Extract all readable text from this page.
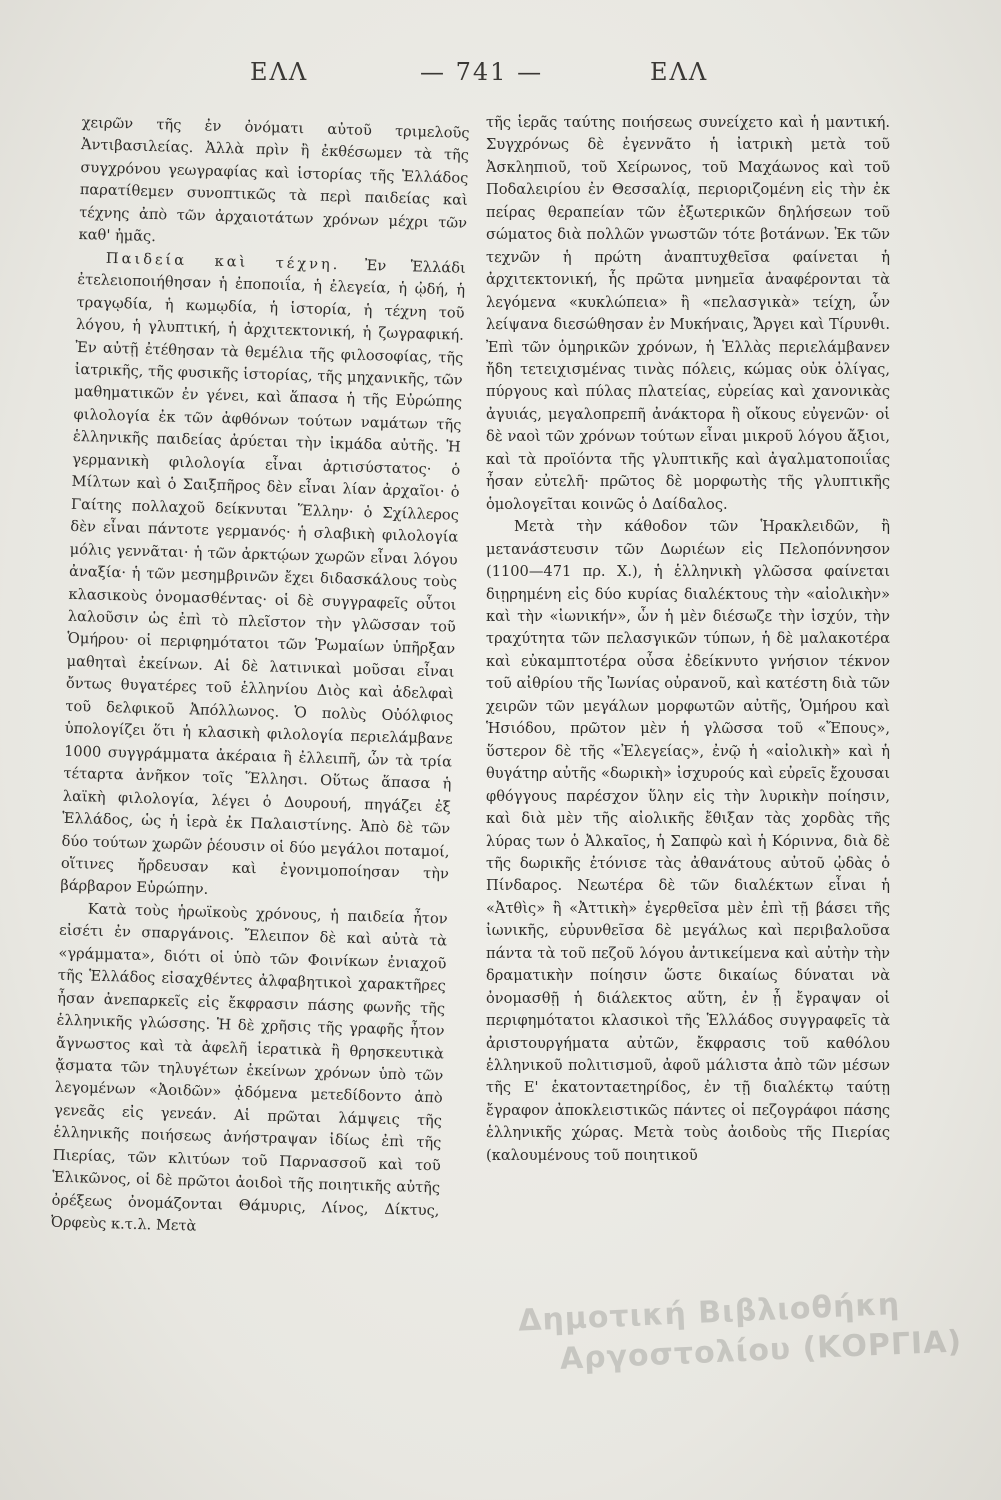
ΕΛΛ	— 741 —	ΕΛΛ

χειρῶν τῆς ἐν ὀνόματι αὐτοῦ τριμελοῦς Ἀντιβασιλείας. Ἀλλὰ πρὶν ἢ ἐκθέσωμεν τὰ τῆς συγχρόνου γεωγραφίας καὶ ἱστορίας τῆς Ἑλλάδος παρατίθεμεν συνοπτικῶς τὰ περὶ παιδείας καὶ τέχνης ἀπὸ τῶν ἀρχαιοτάτων χρόνων μέχρι τῶν καθ' ἡμᾶς.

Παιδεία καὶ τέχνη. Ἐν Ἑλλάδι ἐτελειοποιήθησαν ἡ ἐποποιΐα, ἡ ἐλεγεία, ἡ ᾠδή, ἡ τραγῳδία, ἡ κωμῳδία, ἡ ἱστορία, ἡ τέχνη τοῦ λόγου, ἡ γλυπτική, ἡ ἀρχιτεκτονική, ἡ ζωγραφική. Ἐν αὐτῇ ἐτέθησαν τὰ θεμέλια τῆς φιλοσοφίας, τῆς ἰατρικῆς, τῆς φυσικῆς ἱστορίας, τῆς μηχανικῆς, τῶν μαθηματικῶν ἐν γένει, καὶ ἅπασα ἡ τῆς Εὐρώπης φιλολογία ἐκ τῶν ἀφθόνων τούτων ναμάτων τῆς ἑλληνικῆς παιδείας ἀρύεται τὴν ἰκμάδα αὐτῆς. Ἡ γερμανικὴ φιλολογία εἶναι ἀρτισύστατος· ὁ Μίλτων καὶ ὁ Σαιξπῆρος δὲν εἶναι λίαν ἀρχαῖοι· ὁ Γαίτης πολλαχοῦ δείκνυται Ἕλλην· ὁ Σχίλλερος δὲν εἶναι πάντοτε γερμανός· ἡ σλαβικὴ φιλολογία μόλις γεννᾶται· ἡ τῶν ἀρκτῴων χωρῶν εἶναι λόγου ἀναξία· ἡ τῶν μεσημβρινῶν ἔχει διδασκάλους τοὺς κλασικοὺς ὀνομασθέντας· οἱ δὲ συγγραφεῖς οὗτοι λαλοῦσιν ὡς ἐπὶ τὸ πλεῖστον τὴν γλῶσσαν τοῦ Ὁμήρου· οἱ περιφημότατοι τῶν Ῥωμαίων ὑπῆρξαν μαθηταὶ ἐκείνων. Αἱ δὲ λατινικαὶ μοῦσαι εἶναι ὄντως θυγατέρες τοῦ ἑλληνίου Διὸς καὶ ἀδελφαὶ τοῦ δελφικοῦ Ἀπόλλωνος. Ὁ πολὺς Οὐόλφιος ὑπολογίζει ὅτι ἡ κλασικὴ φιλολογία περιελάμβανε 1000 συγγράμματα ἀκέραια ἢ ἐλλειπῆ, ὧν τὰ τρία τέταρτα ἀνῆκον τοῖς Ἕλλησι. Οὕτως ἅπασα ἡ λαϊκὴ φιλολογία, λέγει ὁ Δουρουή, πηγάζει ἐξ Ἑλλάδος, ὡς ἡ ἱερὰ ἐκ Παλαιστίνης. Ἀπὸ δὲ τῶν δύο τούτων χωρῶν ῥέουσιν οἱ δύο μεγάλοι ποταμοί, οἵτινες ἤρδευσαν καὶ ἐγονιμοποίησαν τὴν βάρβαρον Εὐρώπην.

Κατὰ τοὺς ἡρωϊκοὺς χρόνους, ἡ παιδεία ἦτον εἰσέτι ἐν σπαργάνοις. Ἔλειπον δὲ καὶ αὐτὰ τὰ «γράμματα», διότι οἱ ὑπὸ τῶν Φοινίκων ἐνιαχοῦ τῆς Ἑλλάδος εἰσαχθέντες ἀλφαβητικοὶ χαρακτῆρες ἦσαν ἀνεπαρκεῖς εἰς ἔκφρασιν πάσης φωνῆς τῆς ἑλληνικῆς γλώσσης. Ἡ δὲ χρῆσις τῆς γραφῆς ἦτον ἄγνωστος καὶ τὰ ἀφελῆ ἱερατικὰ ἢ θρησκευτικὰ ᾄσματα τῶν τηλυγέτων ἐκείνων χρόνων ὑπὸ τῶν λεγομένων «Ἀοιδῶν» ᾀδόμενα μετεδίδοντο ἀπὸ γενεᾶς εἰς γενεάν. Αἱ πρῶται λάμψεις τῆς ἑλληνικῆς ποιήσεως ἀνήστραψαν ἰδίως ἐπὶ τῆς Πιερίας, τῶν κλιτύων τοῦ Παρνασσοῦ καὶ τοῦ Ἑλικῶνος, οἱ δὲ πρῶτοι ἀοιδοὶ τῆς ποιητικῆς αὐτῆς ὀρέξεως ὀνομάζονται Θάμυρις, Λίνος, Δίκτυς, Ὀρφεὺς κ.τ.λ. Μετὰ

τῆς ἱερᾶς ταύτης ποιήσεως συνείχετο καὶ ἡ μαντική. Συγχρόνως δὲ ἐγεννᾶτο ἡ ἰατρικὴ μετὰ τοῦ Ἀσκληπιοῦ, τοῦ Χείρωνος, τοῦ Μαχάωνος καὶ τοῦ Ποδαλειρίου ἐν Θεσσαλίᾳ, περιοριζομένη εἰς τὴν ἐκ πείρας θεραπείαν τῶν ἐξωτερικῶν δηλήσεων τοῦ σώματος διὰ πολλῶν γνωστῶν τότε βοτάνων. Ἐκ τῶν τεχνῶν ἡ πρώτη ἀναπτυχθεῖσα φαίνεται ἡ ἀρχιτεκτονική, ἧς πρῶτα μνημεῖα ἀναφέρονται τὰ λεγόμενα «κυκλώπεια» ἢ «πελασγικὰ» τείχη, ὧν λείψανα διεσώθησαν ἐν Μυκήναις, Ἄργει καὶ Τίρυνθι. Ἐπὶ τῶν ὁμηρικῶν χρόνων, ἡ Ἑλλὰς περιελάμβανεν ἤδη τετειχισμένας τινὰς πόλεις, κώμας οὐκ ὀλίγας, πύργους καὶ πύλας πλατείας, εὐρείας καὶ χανονικὰς ἀγυιάς, μεγαλοπρεπῆ ἀνάκτορα ἢ οἴκους εὐγενῶν· οἱ δὲ ναοὶ τῶν χρόνων τούτων εἶναι μικροῦ λόγου ἄξιοι, καὶ τὰ προϊόντα τῆς γλυπτικῆς καὶ ἀγαλματοποιΐας ἦσαν εὐτελῆ· πρῶτος δὲ μορφωτὴς τῆς γλυπτικῆς ὁμολογεῖται κοινῶς ὁ Δαίδαλος.

Μετὰ τὴν κάθοδον τῶν Ἡρακλειδῶν, ἢ μετανάστευσιν τῶν Δωριέων εἰς Πελοπόννησον (1100—471 πρ. Χ.), ἡ ἑλληνικὴ γλῶσσα φαίνεται διῃρημένη εἰς δύο κυρίας διαλέκτους τὴν «αἰολικὴν» καὶ τὴν «ἰωνικήν», ὧν ἡ μὲν διέσωζε τὴν ἰσχύν, τὴν τραχύτητα τῶν πελασγικῶν τύπων, ἡ δὲ μαλακοτέρα καὶ εὐκαμπτοτέρα οὖσα ἐδείκνυτο γνήσιον τέκνον τοῦ αἰθρίου τῆς Ἰωνίας οὐρανοῦ, καὶ κατέστη διὰ τῶν χειρῶν τῶν μεγάλων μορφωτῶν αὐτῆς, Ὁμήρου καὶ Ἡσιόδου, πρῶτον μὲν ἡ γλῶσσα τοῦ «Ἔπους», ὕστερον δὲ τῆς «Ἐλεγείας», ἐνῷ ἡ «αἰολικὴ» καὶ ἡ θυγάτηρ αὐτῆς «δωρικὴ» ἰσχυρούς καὶ εὐρεῖς ἔχουσαι φθόγγους παρέσχον ὕλην εἰς τὴν λυρικὴν ποίησιν, καὶ διὰ μὲν τῆς αἰολικῆς ἔθιξαν τὰς χορδὰς τῆς λύρας των ὁ Ἀλκαῖος, ἡ Σαπφὼ καὶ ἡ Κόριννα, διὰ δὲ τῆς δωρικῆς ἐτόνισε τὰς ἀθανάτους αὐτοῦ ᾠδὰς ὁ Πίνδαρος. Νεωτέρα δὲ τῶν διαλέκτων εἶναι ἡ «Ἀτθὶς» ἢ «Ἀττικὴ» ἐγερθεῖσα μὲν ἐπὶ τῇ βάσει τῆς ἰωνικῆς, εὐρυνθεῖσα δὲ μεγάλως καὶ περιβαλοῦσα πάντα τὰ τοῦ πεζοῦ λόγου ἀντικείμενα καὶ αὐτὴν τὴν δραματικὴν ποίησιν ὥστε δικαίως δύναται νὰ ὀνομασθῇ ἡ διάλεκτος αὕτη, ἐν ᾗ ἔγραψαν οἱ περιφημότατοι κλασικοὶ τῆς Ἑλλάδος συγγραφεῖς τὰ ἀριστουργήματα αὐτῶν, ἔκφρασις τοῦ καθόλου ἑλληνικοῦ πολιτισμοῦ, ἀφοῦ μάλιστα ἀπὸ τῶν μέσων τῆς Ε' ἑκατονταετηρίδος, ἐν τῇ διαλέκτῳ ταύτῃ ἔγραφον ἀποκλειστικῶς πάντες οἱ πεζογράφοι πάσης ἑλληνικῆς χώρας. Μετὰ τοὺς ἀοιδοὺς τῆς Πιερίας (καλουμένους τοῦ ποιητικοῦ

Δημοτική Βιβλιοθήκη
Αργοστολίου (ΚΟΡΓΙΑ)
